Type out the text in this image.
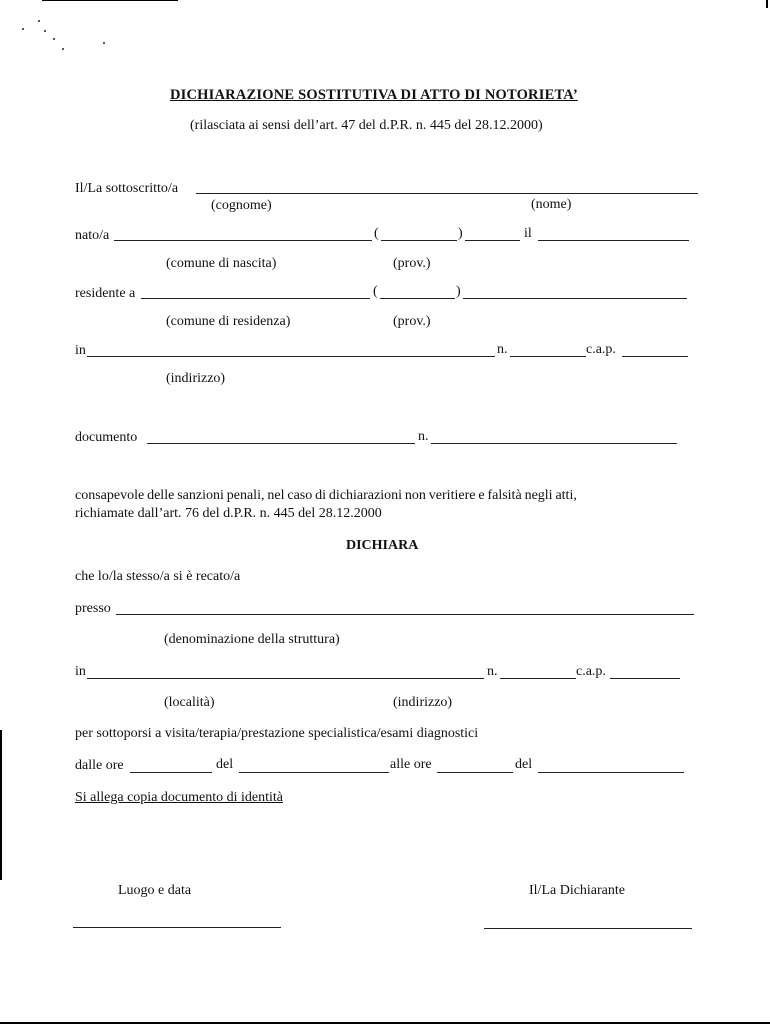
DICHIARAZIONE SOSTITUTIVA DI ATTO DI NOTORIETA’
(rilasciata ai sensi dell’art. 47 del d.P.R. n. 445 del 28.12.2000)
Il/La sottoscritto/a
(cognome)	(nome)
nato/a	(	)	il
(comune di nascita)	(prov.)
residente a	(	)
(comune di residenza)	(prov.)
in	n.	c.a.p.
(indirizzo)
documento	n.
consapevole delle sanzioni penali, nel caso di dichiarazioni non veritiere e falsità negli atti,
richiamate dall’art. 76 del d.P.R. n. 445 del 28.12.2000
DICHIARA
che lo/la stesso/a si è recato/a
presso
(denominazione della struttura)
in	n.	c.a.p.
(località)	(indirizzo)
per sottoporsi a visita/terapia/prestazione specialistica/esami diagnostici
dalle ore	del	alle ore	del
Si allega copia documento di identità
Luogo e data	Il/La Dichiarante
